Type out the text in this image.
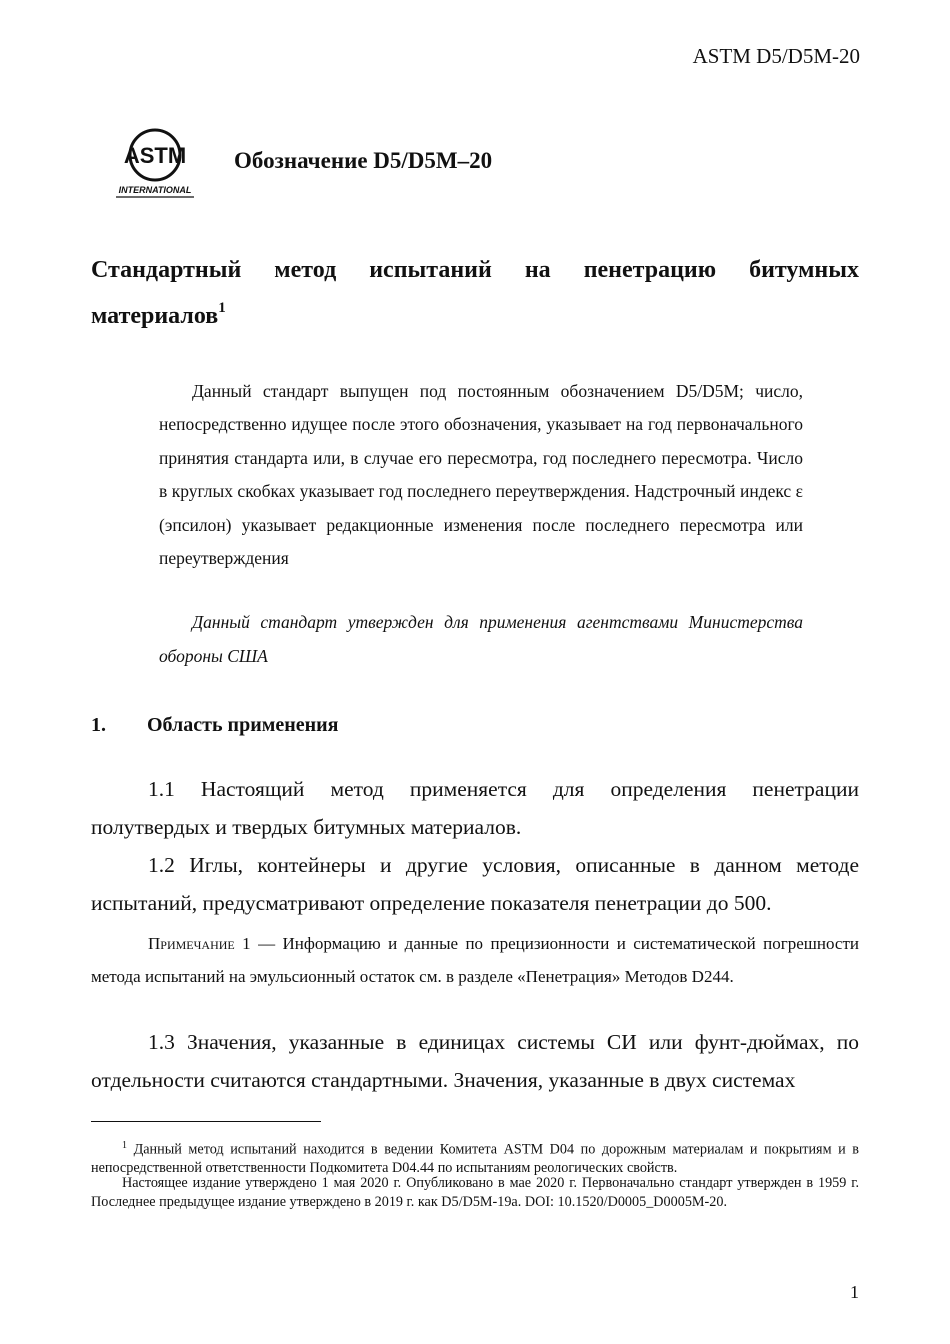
ASTM D5/D5M-20
ASTM
INTERNATIONAL
Обозначение D5/D5M–20
Стандартный метод испытаний на пенетрацию битумных материалов$^1$

Данный стандарт выпущен под постоянным обозначением D5/D5M; число, непосредственно идущее после этого обозначения, указывает на год первоначального принятия стандарта или, в случае его пересмотра, год последнего пересмотра. Число в круглых скобках указывает год последнего переутверждения. Надстрочный индекс ε (эпсилон) указывает редакционные изменения после последнего пересмотра или переутверждения

Данный стандарт утвержден для применения агентствами Министерства обороны США

1. Область применения

1.1 Настоящий метод применяется для определения пенетрации полутвердых и твердых битумных материалов.

1.2 Иглы, контейнеры и другие условия, описанные в данном методе испытаний, предусматривают определение показателя пенетрации до 500.

Примечание 1 — Информацию и данные по прецизионности и систематической погрешности метода испытаний на эмульсионный остаток см. в разделе «Пенетрация» Методов D244.

1.3 Значения, указанные в единицах системы СИ или фунт-дюймах, по отдельности считаются стандартными. Значения, указанные в двух системах

$^1$ Данный метод испытаний находится в ведении Комитета ASTM D04 по дорожным материалам и покрытиям и в непосредственной ответственности Подкомитета D04.44 по испытаниям реологических свойств.

Настоящее издание утверждено 1 мая 2020 г. Опубликовано в мае 2020 г. Первоначально стандарт утвержден в 1959 г. Последнее предыдущее издание утверждено в 2019 г. как D5/D5M-19a. DOI: 10.1520/D0005_D0005M-20.

1
